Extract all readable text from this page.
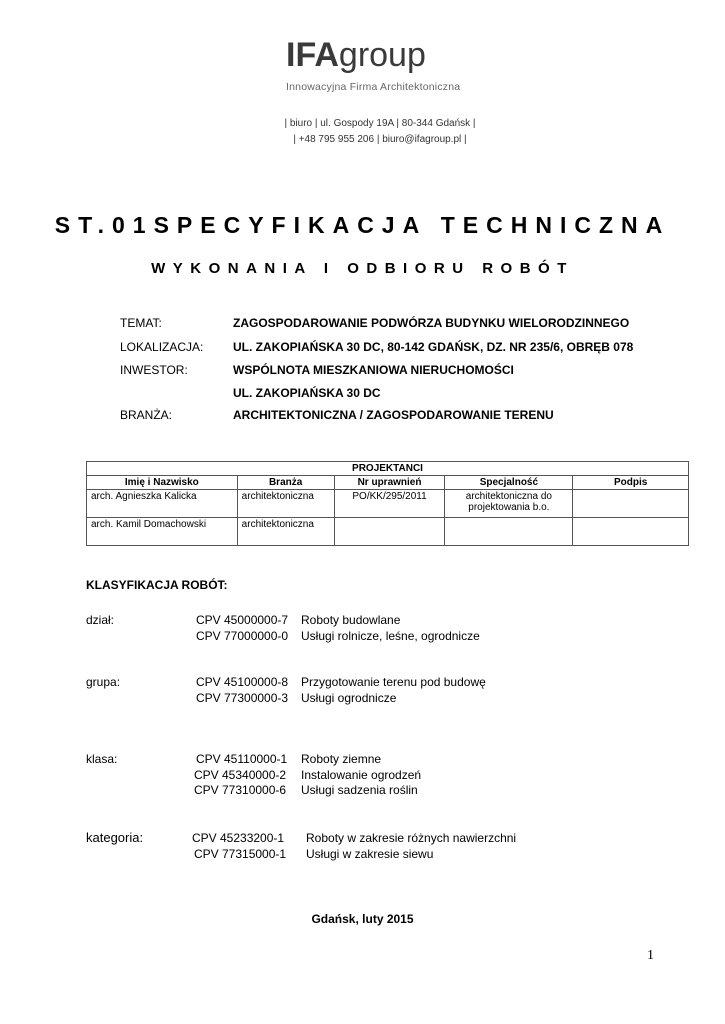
IFAgroup
Innowacyjna Firma Architektoniczna
| biuro | ul. Gospody 19A | 80-344 Gdańsk |
| +48 795 955 206 | biuro@ifagroup.pl |
ST.01SPECYFIKACJA TECHNICZNA
WYKONANIA I ODBIORU ROBÓT
TEMAT:	ZAGOSPODAROWANIE PODWÓRZA BUDYNKU WIELORODZINNEGO
LOKALIZACJA: UL. ZAKOPIAŃSKA 30 DC, 80-142 GDAŃSK, DZ. NR 235/6, OBRĘB 078
INWESTOR:	WSPÓLNOTA MIESZKANIOWA NIERUCHOMOŚCI
UL. ZAKOPIAŃSKA 30 DC
BRANŻA:	ARCHITEKTONICZNA / ZAGOSPODAROWANIE TERENU
PROJEKTANCI				
Imię i Nazwisko	Branża	Nr uprawnień	Specjalność	Podpis
arch. Agnieszka Kalicka	architektoniczna	PO/KK/295/2011	architektoniczna do projektowania b.o.	
arch. Kamil Domachowski	architektoniczna			
KLASYFIKACJA ROBÓT:
dział:	CPV 45000000-7 Roboty budowlane
CPV 77000000-0 Usługi rolnicze, leśne, ogrodnicze
grupa:	CPV 45100000-8 Przygotowanie terenu pod budowę
CPV 77300000-3 Usługi ogrodnicze
klasa:	CPV 45110000-1 Roboty ziemne
CPV 45340000-2 Instalowanie ogrodzeń
CPV 77310000-6 Usługi sadzenia roślin
kategoria:	CPV 45233200-1 Roboty w zakresie różnych nawierzchni
CPV 77315000-1 Usługi w zakresie siewu
Gdańsk, luty 2015
1
